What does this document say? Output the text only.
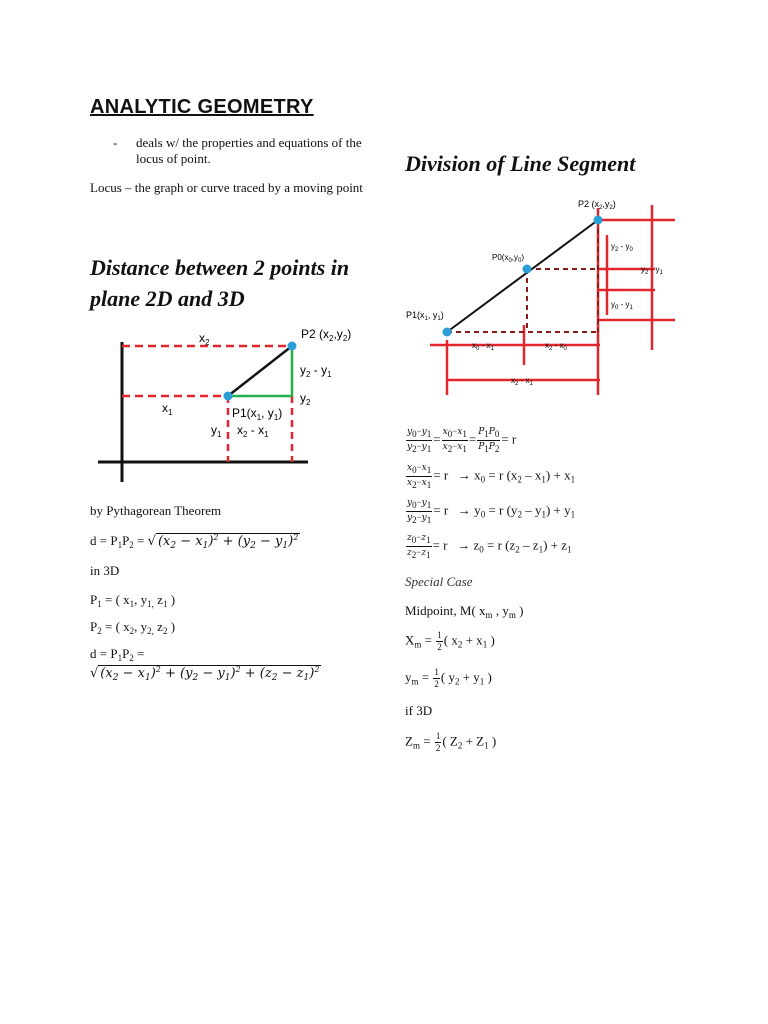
ANALYTIC GEOMETRY
- deals w/ the properties and equations of the locus of point.
Locus – the graph or curve traced by a moving point
Distance between 2 points in
plane 2D and 3D
$x_2$
$x_1$
P2 $(x_2,y_2)$
$y_2 - y_1$
$y_2$
$P1(x_1$, $y_1$)
$y_1$ $x_2 - x_1$
by Pythagorean Theorem
$d = P_1P_2$ = √ $(x_2 - x_1)^2 + (y_2 - y_1)^2$
in 3D
$P_1$ = ( $x_1$, $y_{1,}$ $z_1$ )
$P_2$ = ( $x_2$, $y_{2,}$ $z_2$ )
$d = P_1P_2$ =
√ $(x_2 - x_1)^2 + (y_2 - y_1)^2 + (z_2 - z_1)^2$
Division of Line Segment
P2 $(x_2,y_2)$
$P0(x_0,y_0)$
$P1(x_1$, $y_1$)
$y_2 - y_0$
$y_2 - y_1$
$y_0 - y_1$
$x_0 - x_1$	$x_2 - x_0$
$x_2 - x_1$
$\frac{y0-y1}{y2-y1} = \frac{x0-x1}{x2-x1} = \frac{P1P0}{P1P2} = r$
$\frac{x0-x1}{x2-x1} = r \to x_0 = r$ $(x_2 - x_1) + x_1$
$\frac{y0-y1}{y2-y1} = r \to y_0 = r$ $(y_2 - y_1) + y_1$
$\frac{z0-z1}{z2-z1} = r \to z_0 = r$ $(z_2 - z_1) + z_1$
Special Case
Midpoint, M( $x_m$ , $y_m$ )
$X_m = \frac{1}{2}$ ( $x_2 + x_1$ )
$y_m = \frac{1}{2}$ ( $y_2 + y_1$ )
if 3D
$Z_m = \frac{1}{2}$ ( $Z_2 + Z_1$ )
